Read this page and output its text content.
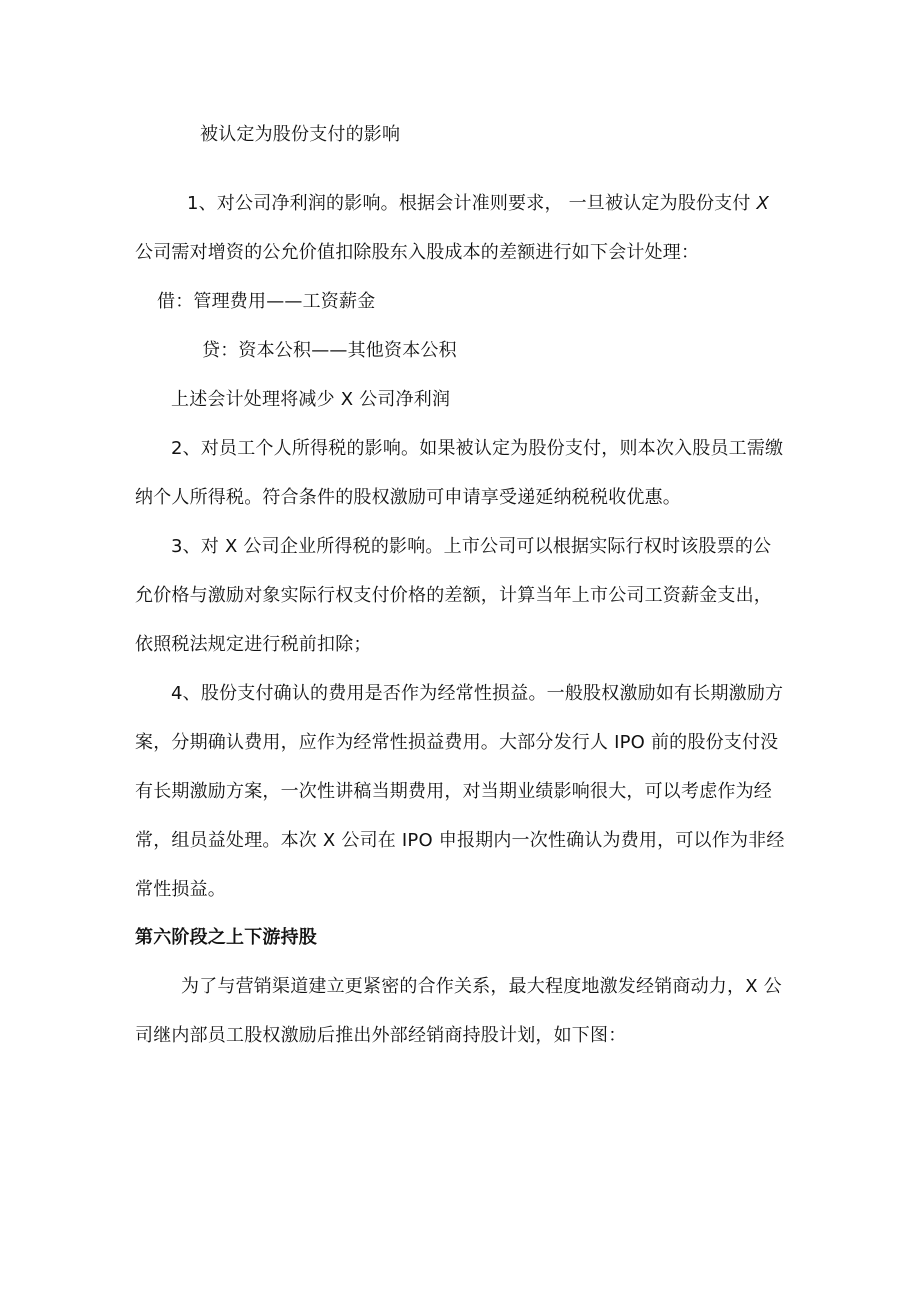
被认定为股份支付的影响
1、对公司净利润的影响。根据会计准则要求， 一旦被认定为股份支付 X
公司需对增资的公允价值扣除股东入股成本的差额进行如下会计处理：
借：管理费用——工资薪金
贷：资本公积——其他资本公积
上述会计处理将减少 X 公司净利润
2、对员工个人所得税的影响。如果被认定为股份支付，则本次入股员工需缴
纳个人所得税。符合条件的股权激励可申请享受递延纳税税收优惠。
3、对 X 公司企业所得税的影响。上市公司可以根据实际行权时该股票的公
允价格与激励对象实际行权支付价格的差额，计算当年上市公司工资薪金支出，
依照税法规定进行税前扣除；
4、股份支付确认的费用是否作为经常性损益。一般股权激励如有长期激励方
案，分期确认费用，应作为经常性损益费用。大部分发行人 IPO 前的股份支付没
有长期激励方案，一次性讲稿当期费用，对当期业绩影响很大，可以考虑作为经
常，组员益处理。本次 X 公司在 IPO 申报期内一次性确认为费用，可以作为非经
常性损益。
第六阶段之上下游持股
为了与营销渠道建立更紧密的合作关系，最大程度地激发经销商动力，X 公
司继内部员工股权激励后推出外部经销商持股计划，如下图：
